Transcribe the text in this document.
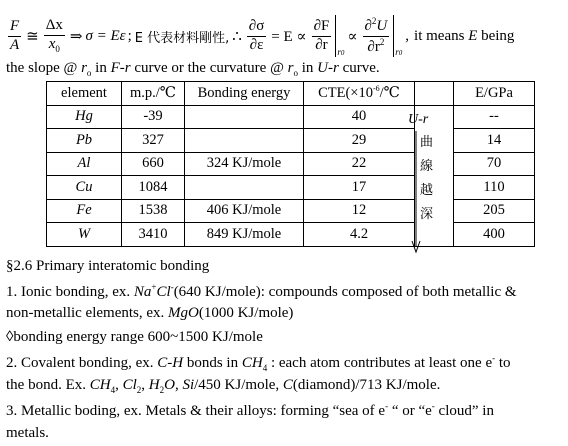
$\frac{F}{A}$ ≅ $\frac{\Delta x}{x_0}$ ⇒ σ = Eε ; E 代表材料剛性, ∴ $\frac{\partial\sigma}{\partial\varepsilon} = E \propto \frac{\partial F}{\partial r} r0$
∝ $\frac{\partial^2U}{\partial r^2} r0$
, it means
E
being
the slope @ $r_o$ in F-r curve or the curvature @ $r_o$ in U-r curve.
element	m.p./℃	Bonding energy	$CTE(\times 10^{-6}/℃$		E/GPa
Hg	-39		40		--
Pb	327		29		14
Al	660	324 KJ/mole	22		70
Cu	1084		17		110
Fe	1538	406 KJ/mole	12		205
W	3410	849 KJ/mole	4.2		400
U-r
曲
線
越
深
§2.6 Primary interatomic bonding
1. Ionic bonding, ex. Na+Cl-(640 KJ/mole): compounds composed of both metallic &
non-metallic elements, ex. MgO(1000 KJ/mole)
◊bonding energy range 600~1500 KJ/mole
2. Covalent bonding, ex. C-H bonds in $CH_4$ : each atom contributes at least one e- to
the bond. Ex. $CH_4$, $Cl_2$, $H_2O$, Si/450 KJ/mole, C(diamond)/713 KJ/mole.
3. Metallic boding, ex. Metals & their alloys: forming “sea of e- “ or “e- cloud” in
metals.
